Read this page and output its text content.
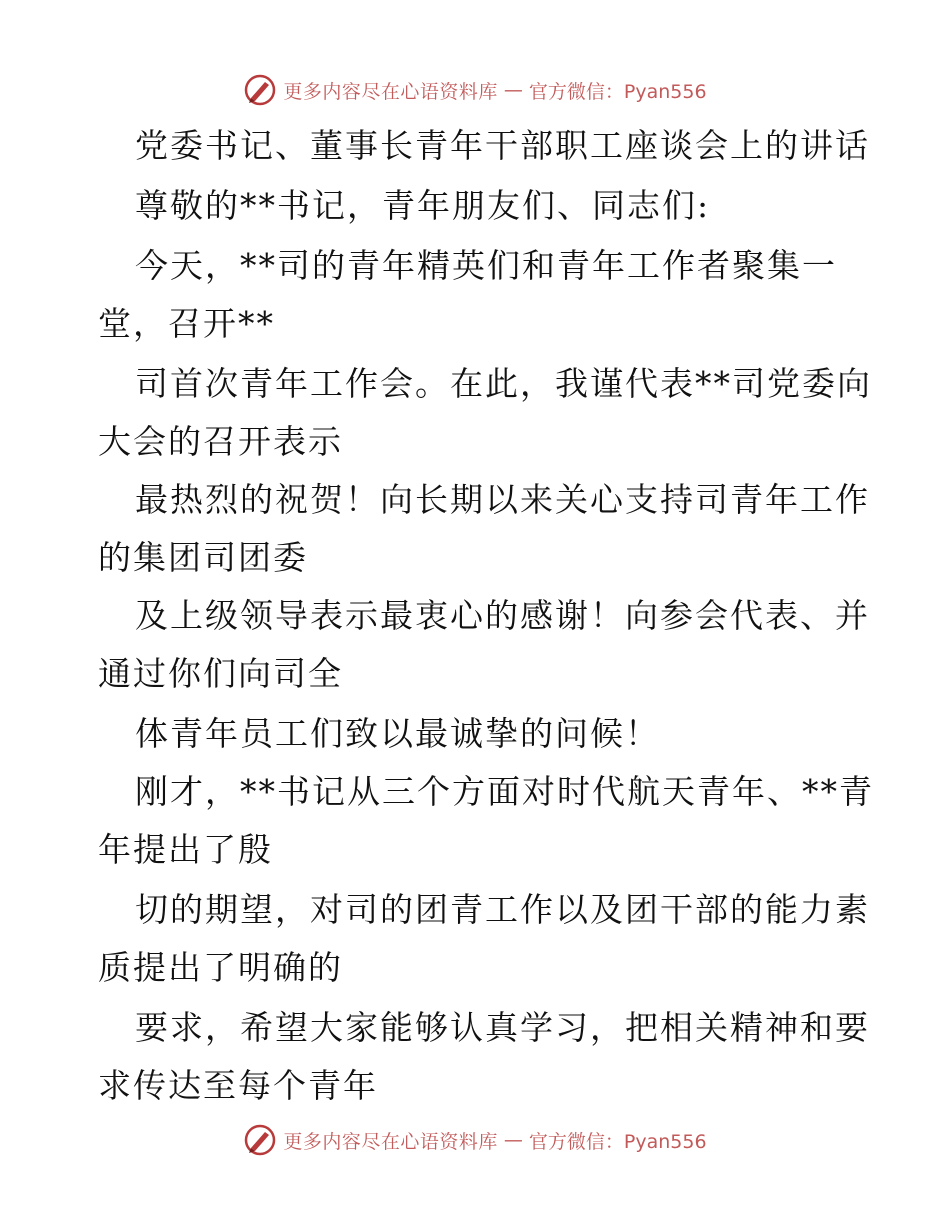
更多内容尽在心语资料库 — 官方微信：Pyan556
党委书记、董事长青年干部职工座谈会上的讲话
尊敬的**书记，青年朋友们、同志们:
今天，**司的青年精英们和青年工作者聚集一
堂，召开**
司首次青年工作会。在此，我谨代表**司党委向
大会的召开表示
最热烈的祝贺！向长期以来关心支持司青年工作
的集团司团委
及上级领导表示最衷心的感谢！向参会代表、并
通过你们向司全
体青年员工们致以最诚挚的问候！
刚才，**书记从三个方面对时代航天青年、**青
年提出了殷
切的期望，对司的团青工作以及团干部的能力素
质提出了明确的
要求，希望大家能够认真学习，把相关精神和要
求传达至每个青年
更多内容尽在心语资料库 — 官方微信：Pyan556
